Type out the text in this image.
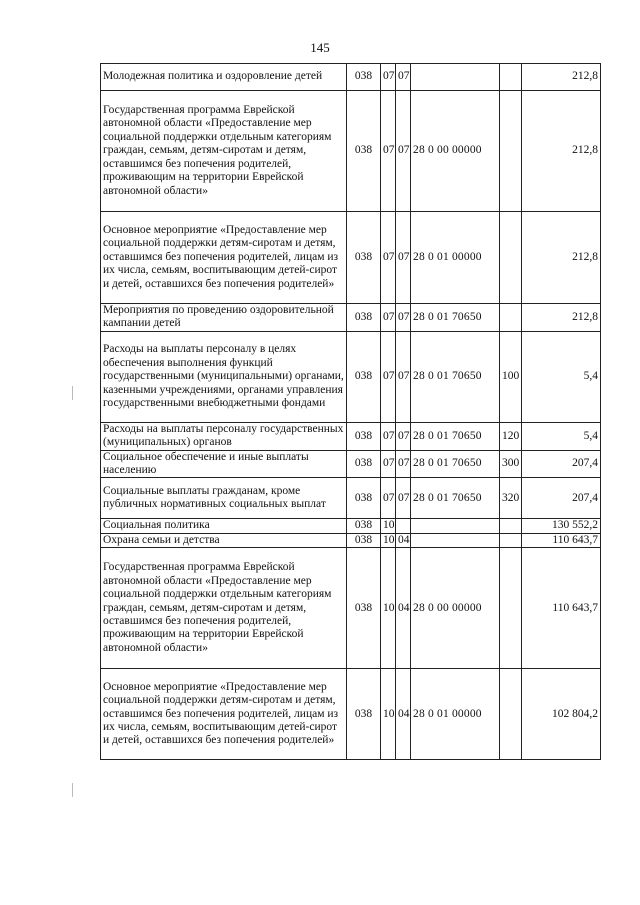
145
Молодежная политика и оздоровление детей	038	07	07			212,8
Государственная программа Еврейской автономной области «Предоставление мер социальной поддержки отдельным категориям граждан, семьям, детям-сиротам и детям, оставшимся без попечения родителей, проживающим на территории Еврейской автономной области»	038	07	07	28 0 00 00000		212,8
Основное мероприятие «Предоставление мер социальной поддержки детям-сиротам и детям, оставшимся без попечения родителей, лицам из их числа, семьям, воспитывающим детей-сирот и детей, оставшихся без попечения родителей»	038	07	07	28 0 01 00000		212,8
Мероприятия по проведению оздоровительной кампании детей	038	07	07	28 0 01 70650		212,8
Расходы на выплаты персоналу в целях обеспечения выполнения функций государственными (муниципальными) органами, казенными учреждениями, органами управления государственными внебюджетными фондами	038	07	07	28 0 01 70650	100	5,4
Расходы на выплаты персоналу государственных (муниципальных) органов	038	07	07	28 0 01 70650	120	5,4
Социальное обеспечение и иные выплаты населению	038	07	07	28 0 01 70650	300	207,4
Социальные выплаты гражданам, кроме публичных нормативных социальных выплат	038	07	07	28 0 01 70650	320	207,4
Социальная политика	038	10				130 552,2
Охрана семьи и детства	038	10	04			110 643,7
Государственная программа Еврейской автономной области «Предоставление мер социальной поддержки отдельным категориям граждан, семьям, детям-сиротам и детям, оставшимся без попечения родителей, проживающим на территории Еврейской автономной области»	038	10	04	28 0 00 00000		110 643,7
Основное мероприятие «Предоставление мер социальной поддержки детям-сиротам и детям, оставшимся без попечения родителей, лицам из их числа, семьям, воспитывающим детей-сирот и детей, оставшихся без попечения родителей»	038	10	04	28 0 01 00000		102 804,2
